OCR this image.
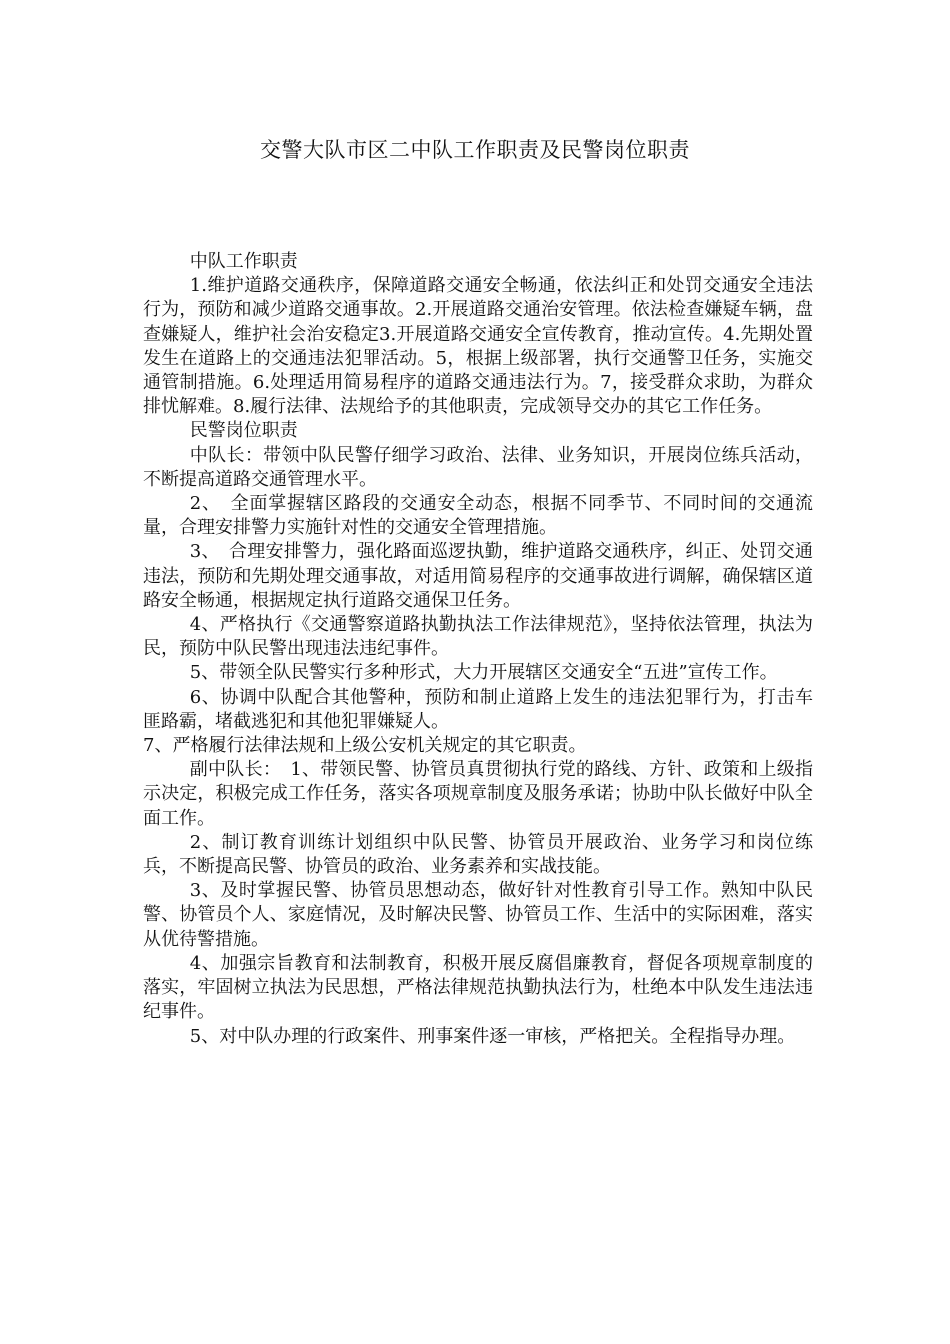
交警大队市区二中队工作职责及民警岗位职责

中队工作职责

1.维护道路交通秩序，保障道路交通安全畅通，依法纠正和处罚交通安全违法行为，预防和减少道路交通事故。2.开展道路交通治安管理。依法检查嫌疑车辆，盘查嫌疑人，维护社会治安稳定3.开展道路交通安全宣传教育，推动宣传。4.先期处置发生在道路上的交通违法犯罪活动。5，根据上级部署，执行交通警卫任务，实施交通管制措施。6.处理适用简易程序的道路交通违法行为。7，接受群众求助，为群众排忧解难。8.履行法律、法规给予的其他职责，完成领导交办的其它工作任务。

民警岗位职责

中队长：带领中队民警仔细学习政治、法律、业务知识，开展岗位练兵活动，不断提高道路交通管理水平。

2、　全面掌握辖区路段的交通安全动态，根据不同季节、不同时间的交通流量，合理安排警力实施针对性的交通安全管理措施。

3、　合理安排警力，强化路面巡逻执勤，维护道路交通秩序，纠正、处罚交通违法，预防和先期处理交通事故，对适用简易程序的交通事故进行调解，确保辖区道路安全畅通，根据规定执行道路交通保卫任务。

4、严格执行《交通警察道路执勤执法工作法律规范》，坚持依法管理，执法为民，预防中队民警出现违法违纪事件。

5、带领全队民警实行多种形式，大力开展辖区交通安全“五进”宣传工作。

6、协调中队配合其他警种，预防和制止道路上发生的违法犯罪行为，打击车匪路霸，堵截逃犯和其他犯罪嫌疑人。

7、严格履行法律法规和上级公安机关规定的其它职责。

副中队长：　1、带领民警、协管员真贯彻执行党的路线、方针、政策和上级指示决定，积极完成工作任务，落实各项规章制度及服务承诺；协助中队长做好中队全面工作。

2、制订教育训练计划组织中队民警、协管员开展政治、业务学习和岗位练兵，不断提高民警、协管员的政治、业务素养和实战技能。

3、及时掌握民警、协管员思想动态，做好针对性教育引导工作。熟知中队民警、协管员个人、家庭情况，及时解决民警、协管员工作、生活中的实际困难，落实从优待警措施。

4、加强宗旨教育和法制教育，积极开展反腐倡廉教育，督促各项规章制度的落实，牢固树立执法为民思想，严格法律规范执勤执法行为，杜绝本中队发生违法违纪事件。

5、对中队办理的行政案件、刑事案件逐一审核，严格把关。全程指导办理。
